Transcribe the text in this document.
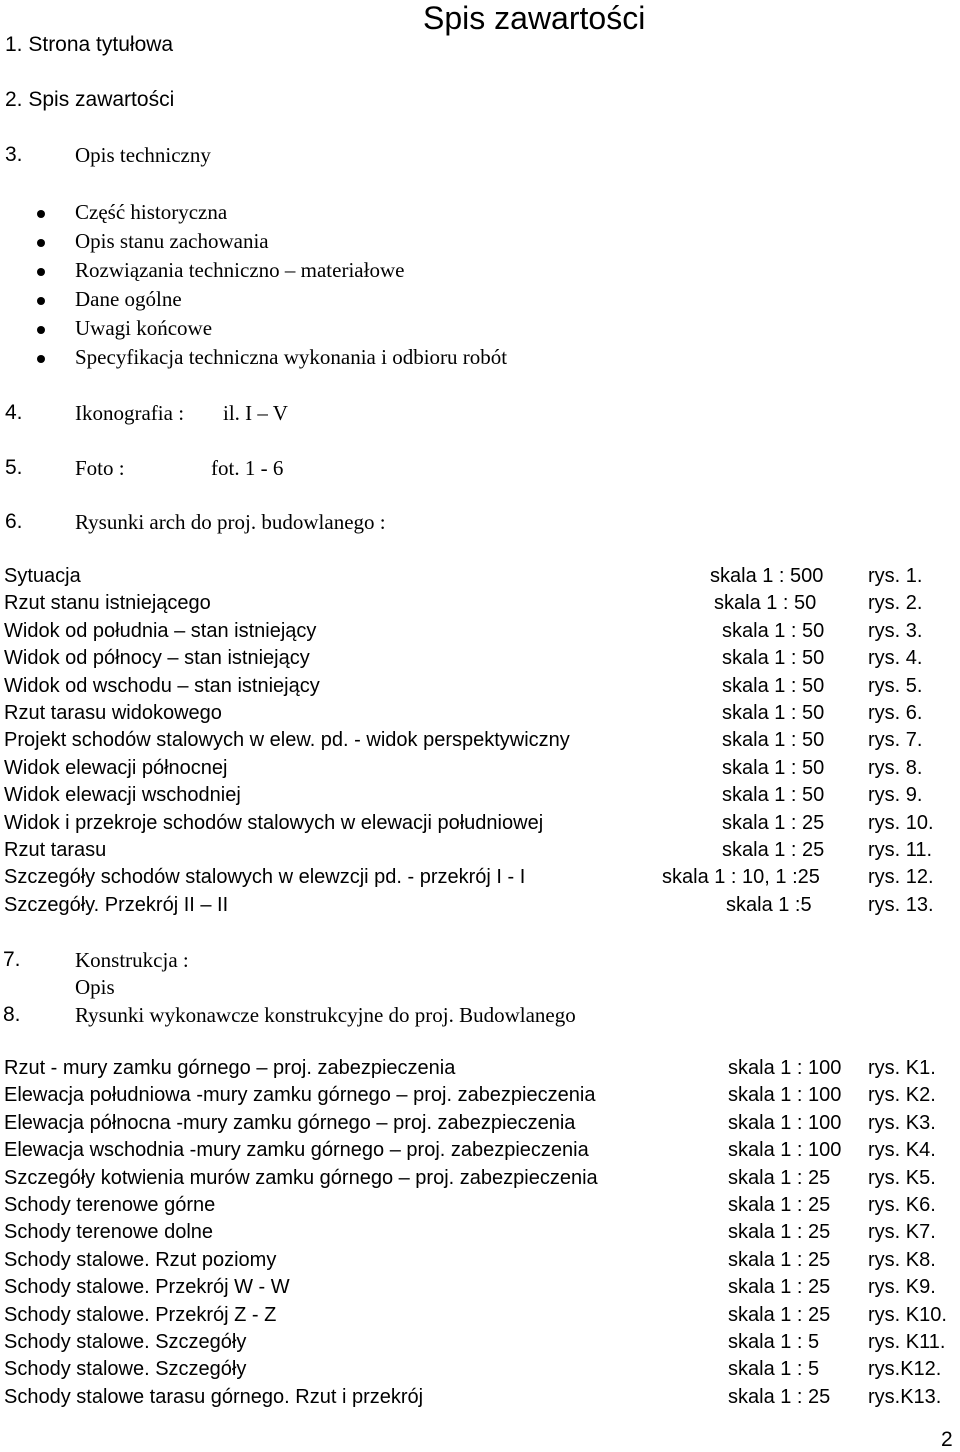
Spis zawartości
1. Strona tytułowa
2. Spis zawartości
3. Opis techniczny
Część historyczna
Opis stanu zachowania
Rozwiązania techniczno – materiałowe
Dane ogólne
Uwagi końcowe
Specyfikacja techniczna wykonania i odbioru robót
4. Ikonografia : il. I – V
5. Foto :	fot. 1 - 6
6. Rysunki arch do proj. budowlanego :
Sytuacja	skala 1 : 500 rys. 1.
Rzut stanu istniejącego	skala 1 : 50	rys. 2.
Widok od południa – stan istniejący	skala 1 : 50 rys. 3.
Widok od północy – stan istniejący	skala 1 : 50 rys. 4.
Widok od wschodu – stan istniejący	skala 1 : 50 rys. 5.
Rzut tarasu widokowego	skala 1 : 50 rys. 6.
Projekt schodów stalowych w elew. pd. - widok perspektywiczny	skala 1 : 50 rys. 7.
Widok elewacji północnej	skala 1 : 50 rys. 8.
Widok elewacji wschodniej	skala 1 : 50 rys. 9.
Widok i przekroje schodów stalowych w elewacji południowej	skala 1 : 25 rys. 10.
Rzut tarasu	skala 1 : 25 rys. 11.
Szczegóły schodów stalowych w elewzcji pd. - przekrój I - I	skala 1 : 10, 1 :25 rys. 12.
Szczegóły. Przekrój II – II	skala 1 :5	rys. 13.
7.	Konstrukcja :
Opis
8.	Rysunki wykonawcze konstrukcyjne do proj. Budowlanego
Rzut - mury zamku górnego – proj. zabezpieczenia	skala 1 : 100 rys. K1.
Elewacja południowa -mury zamku górnego – proj. zabezpieczenia	skala 1 : 100 rys. K2.
Elewacja północna -mury zamku górnego – proj. zabezpieczenia	skala 1 : 100 rys. K3.
Elewacja wschodnia -mury zamku górnego – proj. zabezpieczenia	skala 1 : 100 rys. K4.
Szczegóły kotwienia murów zamku górnego – proj. zabezpieczenia	skala 1 : 25 rys. K5.
Schody terenowe górne	skala 1 : 25 rys. K6.
Schody terenowe dolne	skala 1 : 25 rys. K7.
Schody stalowe. Rzut poziomy	skala 1 : 25 rys. K8.
Schody stalowe. Przekrój W - W	skala 1 : 25 rys. K9.
Schody stalowe. Przekrój Z - Z	skala 1 : 25 rys. K10.
Schody stalowe. Szczegóły	skala 1 : 5 rys. K11.
Schody stalowe. Szczegóły	skala 1 : 5 rys.K12.
Schody stalowe tarasu górnego. Rzut i przekrój	skala 1 : 25 rys.K13.
2
